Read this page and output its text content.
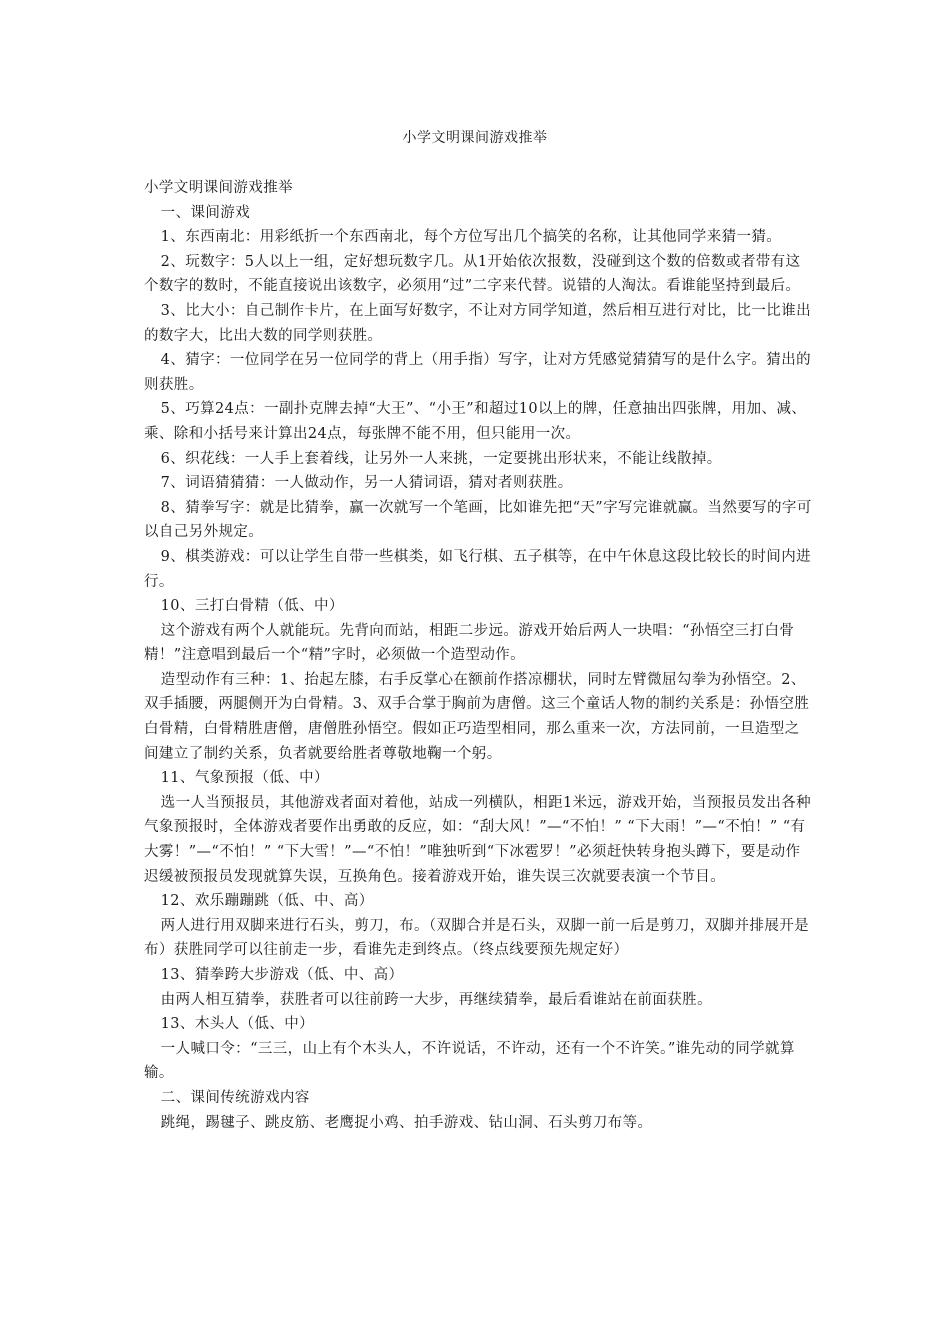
小学文明课间游戏推举

小学文明课间游戏推举

一、课间游戏

1、东西南北：用彩纸折一个东西南北，每个方位写出几个搞笑的名称，让其他同学来猜一猜。

2、玩数字：5人以上一组，定好想玩数字几。从1开始依次报数，没碰到这个数的倍数或者带有这个数字的数时，不能直接说出该数字，必须用“过”二字来代替。说错的人淘汰。看谁能坚持到最后。

3、比大小：自己制作卡片，在上面写好数字，不让对方同学知道，然后相互进行对比，比一比谁出的数字大，比出大数的同学则获胜。

4、猜字：一位同学在另一位同学的背上（用手指）写字，让对方凭感觉猜猜写的是什么字。猜出的则获胜。

5、巧算24点：一副扑克牌去掉“大王”、“小王”和超过10以上的牌，任意抽出四张牌，用加、减、乘、除和小括号来计算出24点，每张牌不能不用，但只能用一次。

6、织花线：一人手上套着线，让另外一人来挑，一定要挑出形状来，不能让线散掉。

7、词语猜猜猜：一人做动作，另一人猜词语，猜对者则获胜。

8、猜拳写字：就是比猜拳，赢一次就写一个笔画，比如谁先把“天”字写完谁就赢。当然要写的字可以自己另外规定。

9、棋类游戏：可以让学生自带一些棋类，如飞行棋、五子棋等，在中午休息这段比较长的时间内进行。

10、三打白骨精（低、中）

这个游戏有两个人就能玩。先背向而站，相距二步远。游戏开始后两人一块唱：“孙悟空三打白骨精！”注意唱到最后一个“精”字时，必须做一个造型动作。

造型动作有三种：1、抬起左膝，右手反掌心在额前作搭凉棚状，同时左臂微屈勾拳为孙悟空。2、双手插腰，两腿侧开为白骨精。3、双手合掌于胸前为唐僧。这三个童话人物的制约关系是：孙悟空胜白骨精，白骨精胜唐僧，唐僧胜孙悟空。假如正巧造型相同，那么重来一次，方法同前，一旦造型之间建立了制约关系，负者就要给胜者尊敬地鞠一个躬。

11、气象预报（低、中）

选一人当预报员，其他游戏者面对着他，站成一列横队，相距1米远，游戏开始，当预报员发出各种气象预报时，全体游戏者要作出勇敢的反应，如：“刮大风！”—“不怕！” “下大雨！”—“不怕！” “有大雾！”—“不怕！” “下大雪！”—“不怕！”唯独听到“下冰雹罗！”必须赶快转身抱头蹲下，要是动作迟缓被预报员发现就算失误，互换角色。接着游戏开始，谁失误三次就要表演一个节目。

12、欢乐蹦蹦跳（低、中、高）

两人进行用双脚来进行石头，剪刀，布。（双脚合并是石头，双脚一前一后是剪刀，双脚并排展开是布）获胜同学可以往前走一步，看谁先走到终点。（终点线要预先规定好）

13、猜拳跨大步游戏（低、中、高）

由两人相互猜拳，获胜者可以往前跨一大步，再继续猜拳，最后看谁站在前面获胜。

13、木头人（低、中）

一人喊口令：“三三，山上有个木头人，不许说话，不许动，还有一个不许笑。”谁先动的同学就算输。

二、课间传统游戏内容

跳绳，踢毽子、跳皮筋、老鹰捉小鸡、拍手游戏、钻山洞、石头剪刀布等。
